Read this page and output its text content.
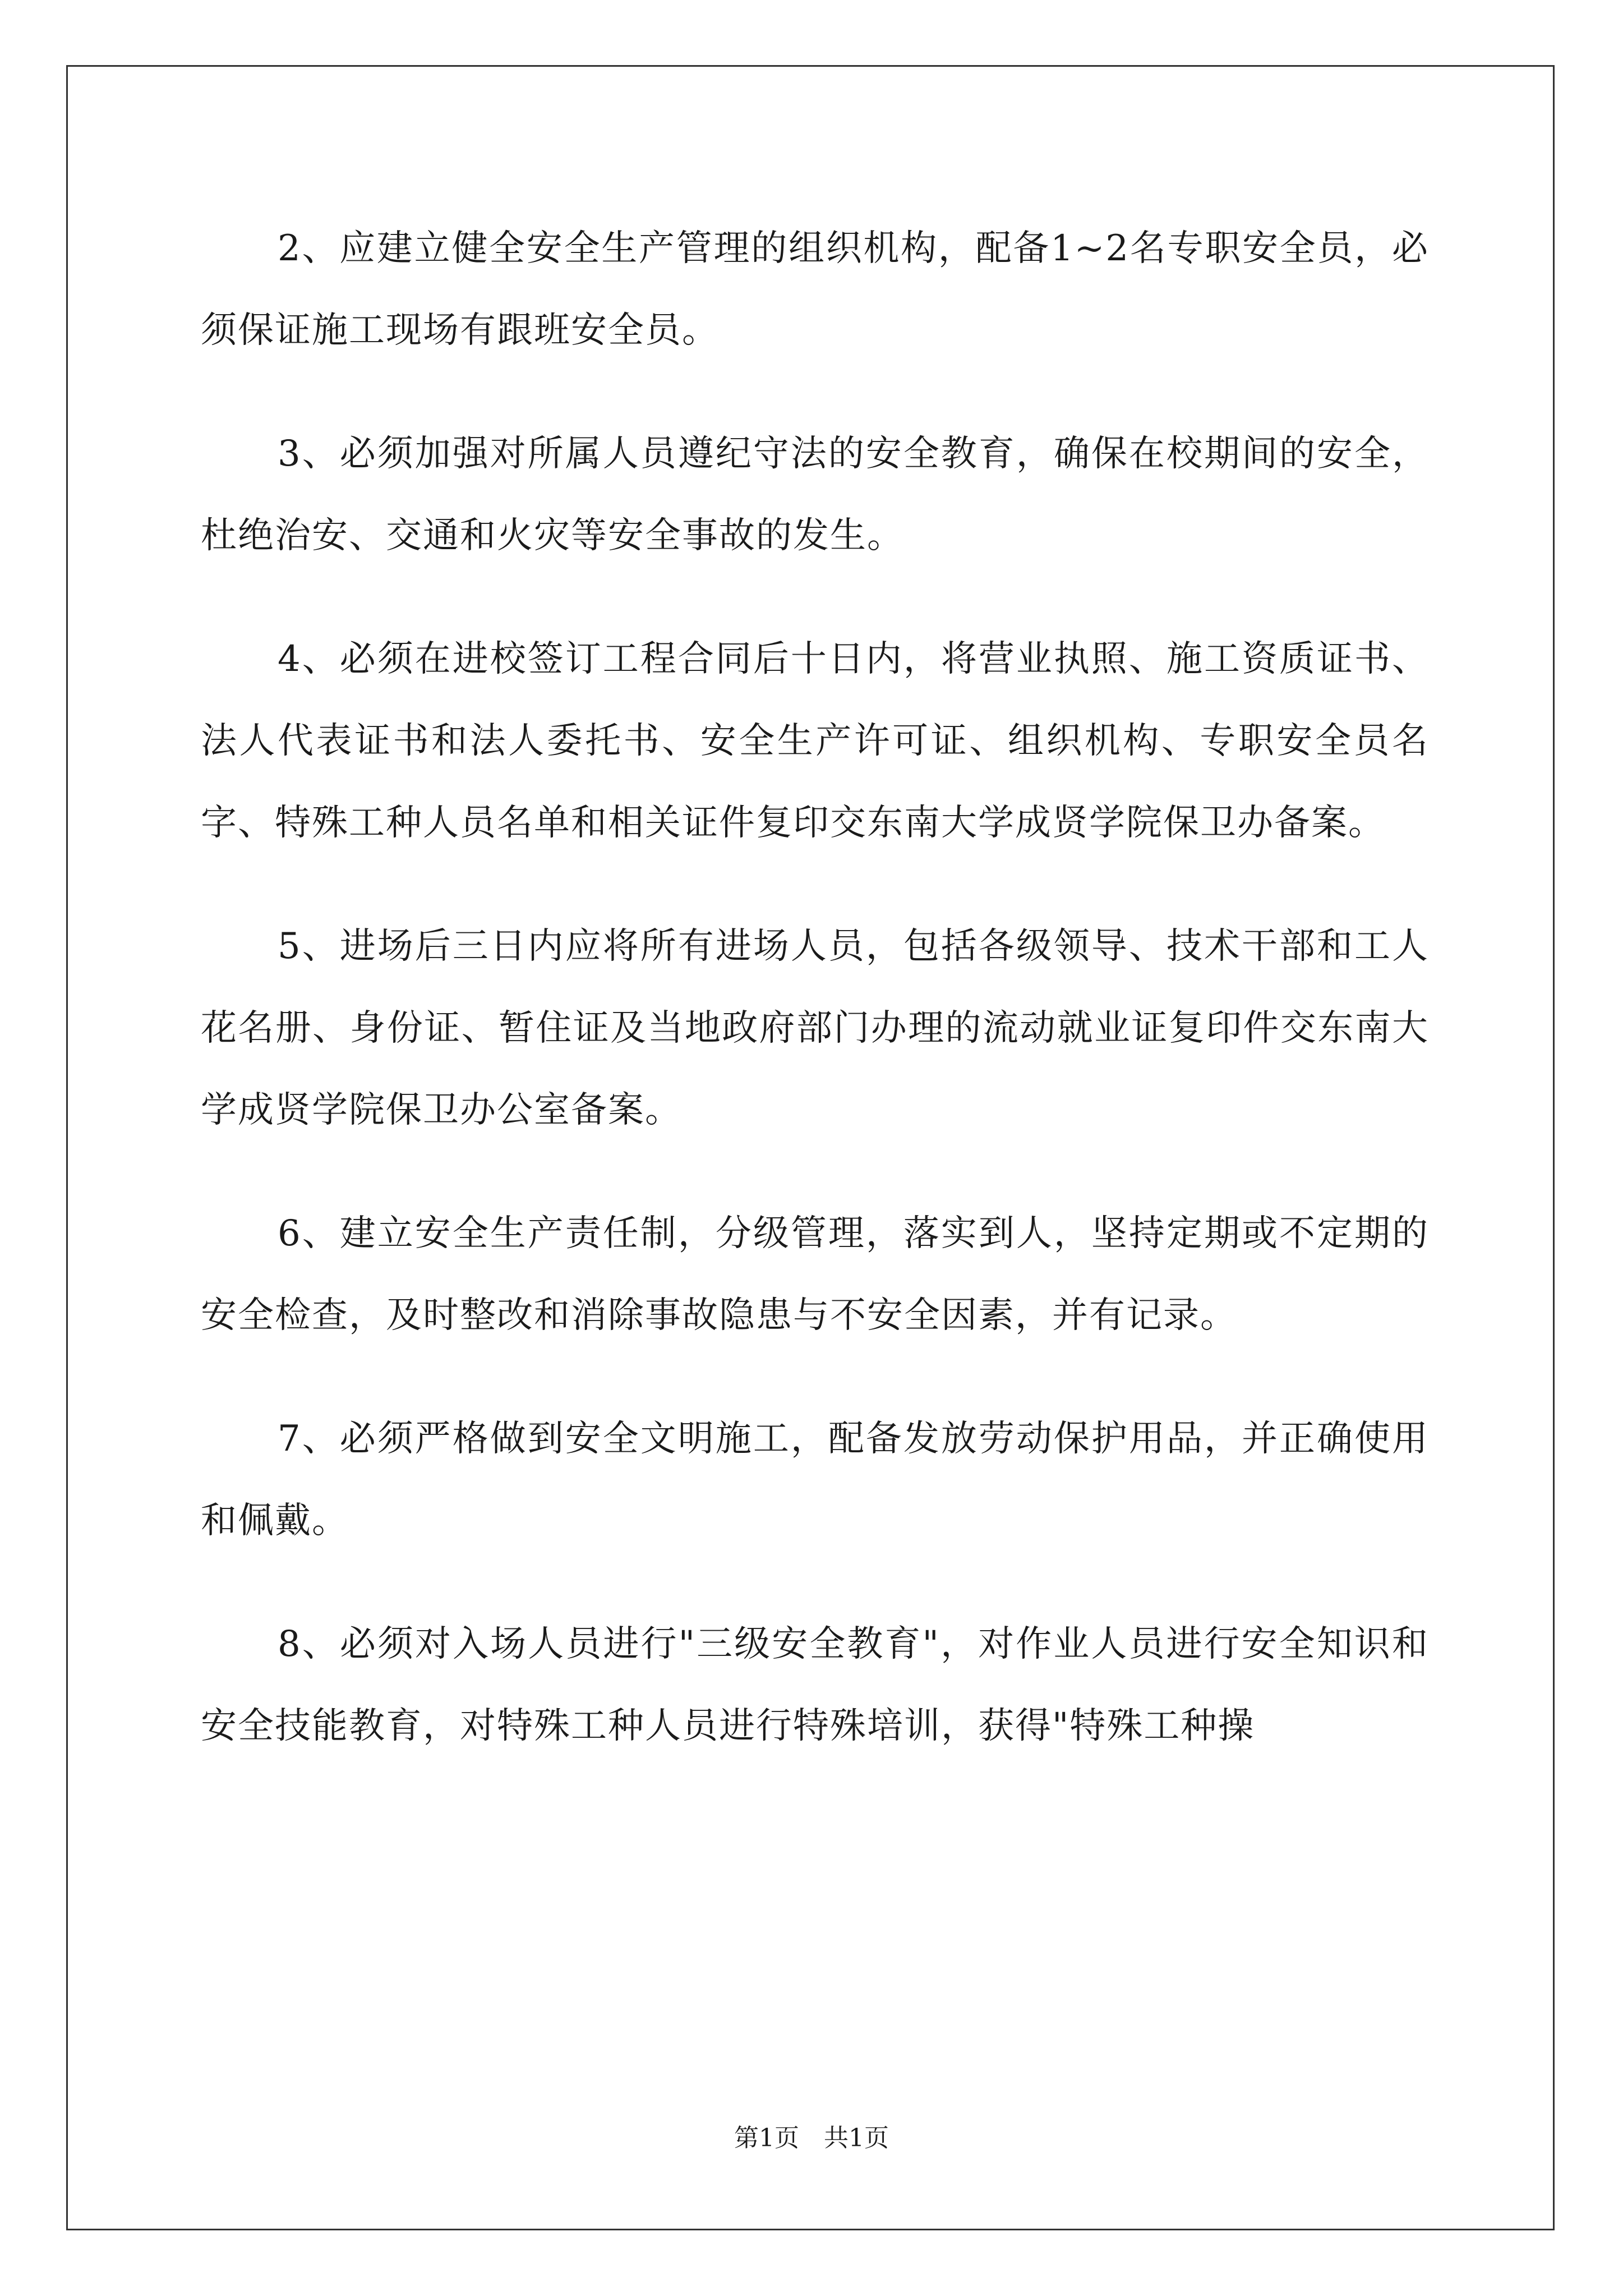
2、应建立健全安全生产管理的组织机构，配备1~2名专职安全员，必须保证施工现场有跟班安全员。

3、必须加强对所属人员遵纪守法的安全教育，确保在校期间的安全，杜绝治安、交通和火灾等安全事故的发生。

4、必须在进校签订工程合同后十日内，将营业执照、施工资质证书、法人代表证书和法人委托书、安全生产许可证、组织机构、专职安全员名字、特殊工种人员名单和相关证件复印交东南大学成贤学院保卫办备案。

5、进场后三日内应将所有进场人员，包括各级领导、技术干部和工人花名册、身份证、暂住证及当地政府部门办理的流动就业证复印件交东南大学成贤学院保卫办公室备案。

6、建立安全生产责任制，分级管理，落实到人，坚持定期或不定期的安全检查，及时整改和消除事故隐患与不安全因素，并有记录。

7、必须严格做到安全文明施工，配备发放劳动保护用品，并正确使用和佩戴。

8、必须对入场人员进行"三级安全教育"，对作业人员进行安全知识和安全技能教育，对特殊工种人员进行特殊培训，获得"特殊工种操

第1页　共1页
